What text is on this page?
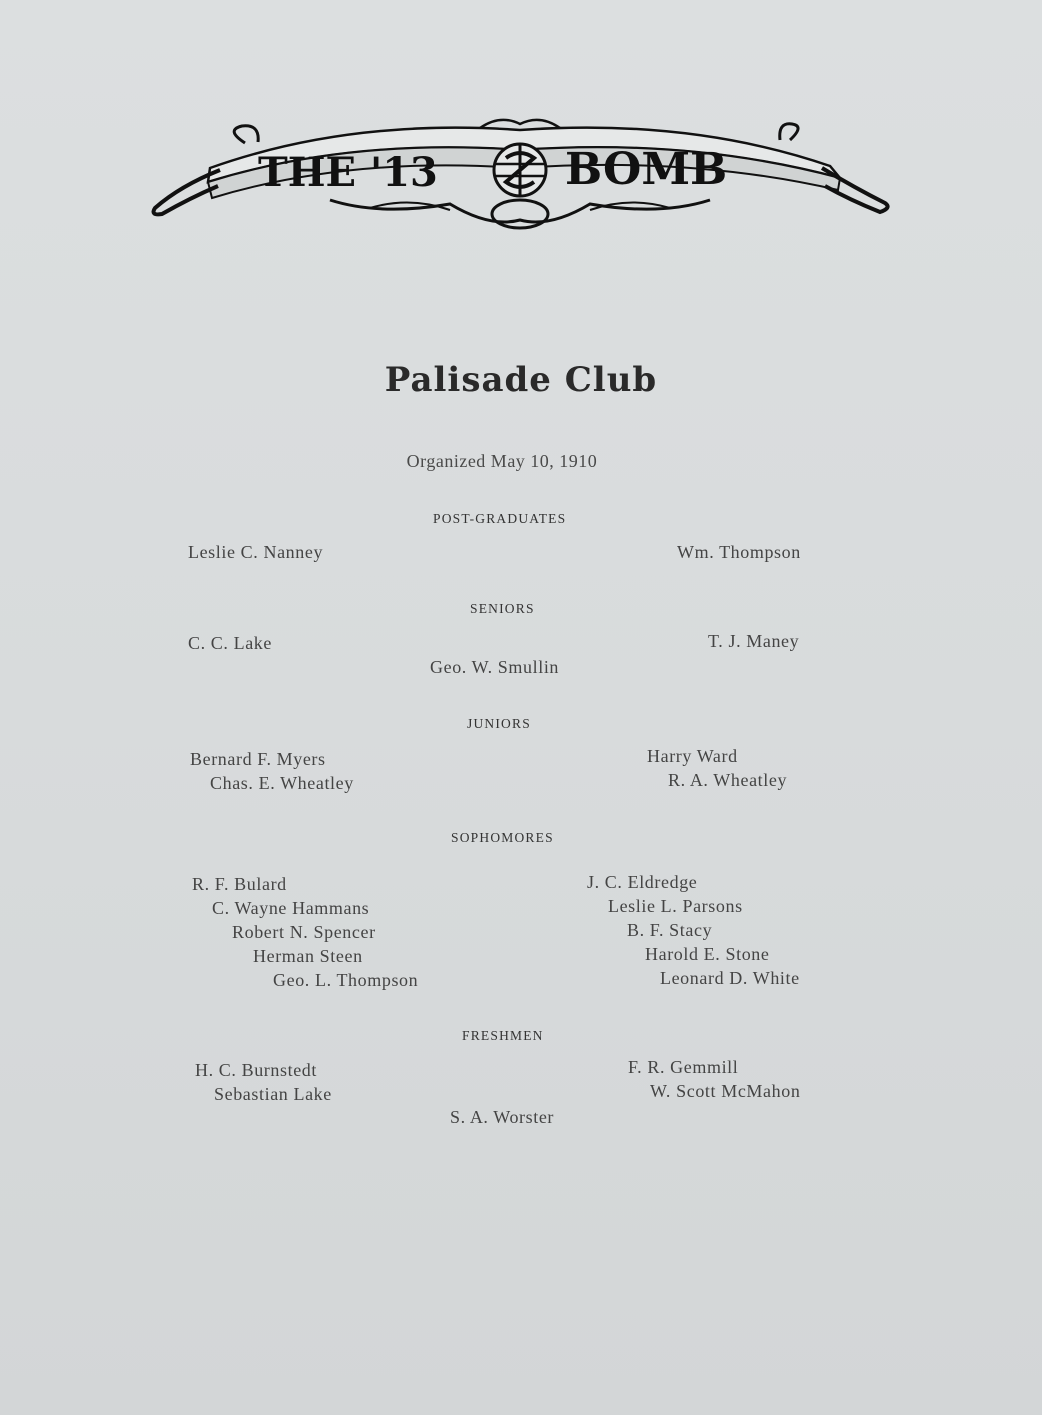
THE '13	BOMB
Palisade Club
Organized May 10, 1910
POST-GRADUATES
Leslie C. Nanney	Wm. Thompson
SENIORS
C. C. Lake	T. J. Maney
Geo. W. Smullin
JUNIORS
Bernard F. Myers
Chas. E. Wheatley
Harry Ward
R. A. Wheatley
SOPHOMORES
R. F. Bulard
C. Wayne Hammans
Robert N. Spencer
Herman Steen
Geo. L. Thompson
J. C. Eldredge
Leslie L. Parsons
B. F. Stacy
Harold E. Stone
Leonard D. White
FRESHMEN
H. C. Burnstedt
Sebastian Lake
F. R. Gemmill
W. Scott McMahon
S. A. Worster
